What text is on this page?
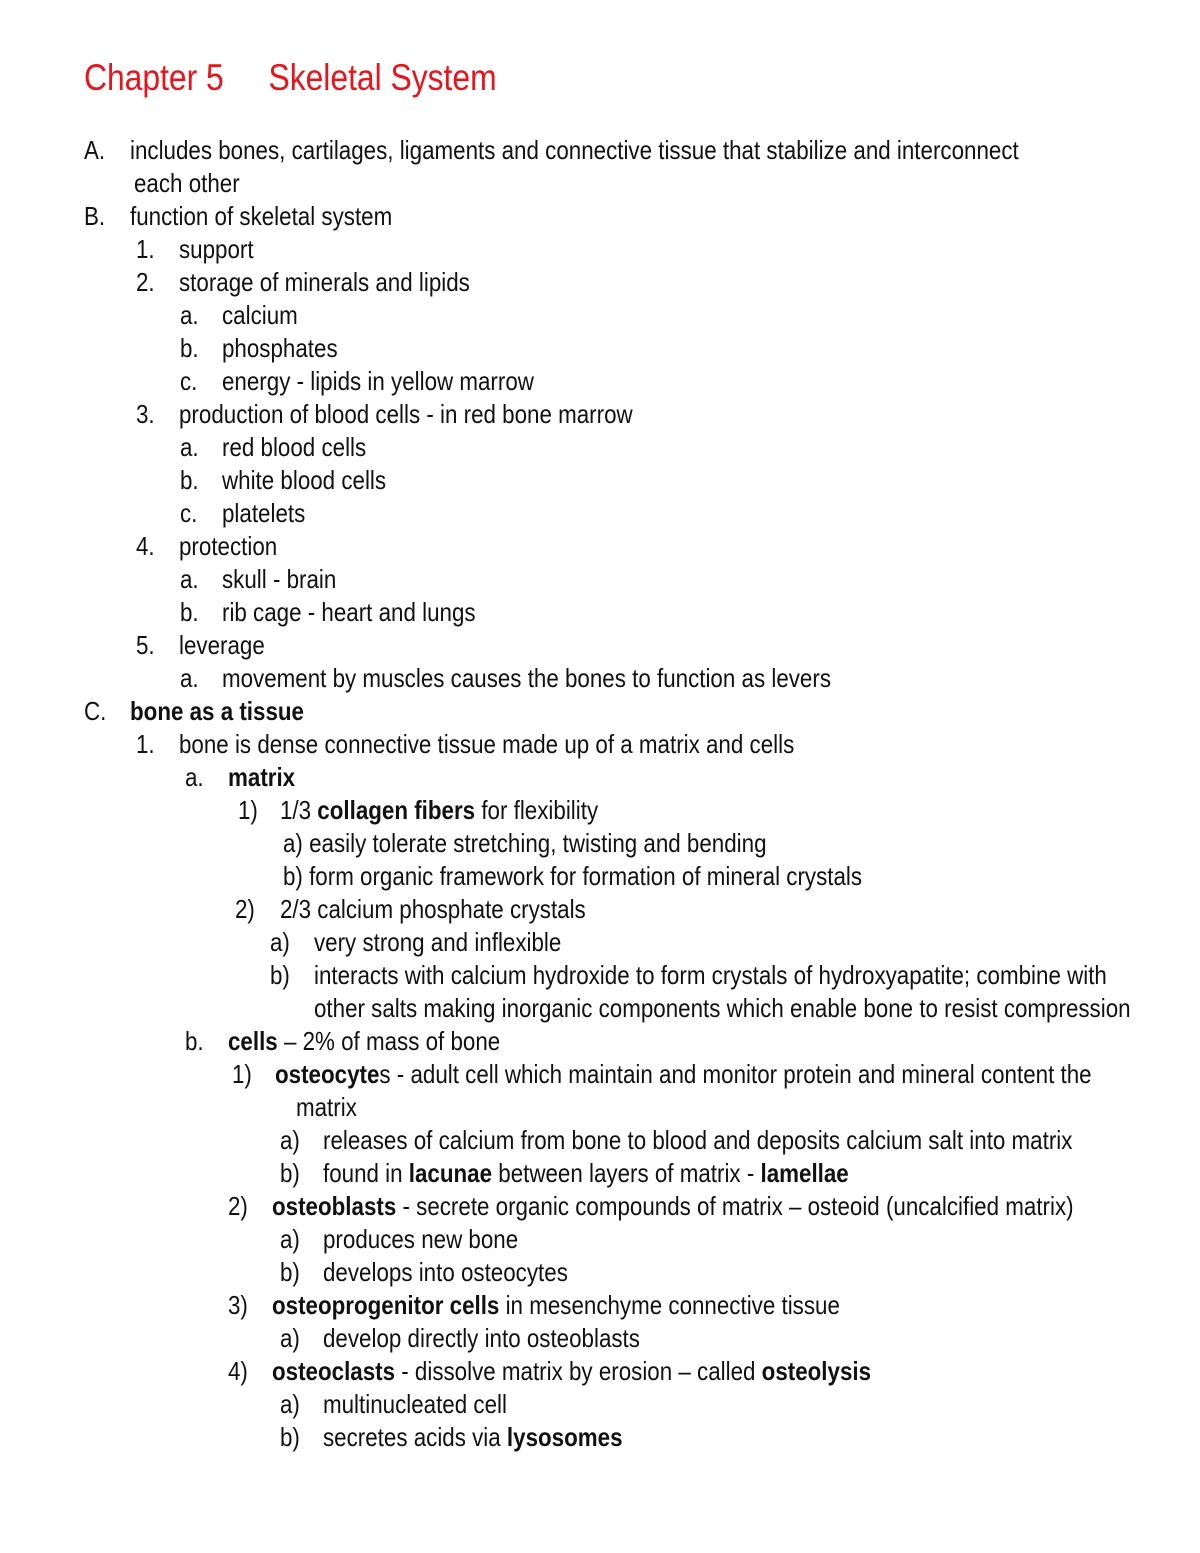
Chapter 5 Skeletal System
A. includes bones, cartilages, ligaments and connective tissue that stabilize and interconnect
each other
B. function of skeletal system
1. support
2. storage of minerals and lipids
a. calcium
b. phosphates
c. energy - lipids in yellow marrow
3. production of blood cells - in red bone marrow
a. red blood cells
b. white blood cells
c. platelets
4. protection
a. skull - brain
b. rib cage - heart and lungs
5. leverage
a. movement by muscles causes the bones to function as levers
C. bone as a tissue
1. bone is dense connective tissue made up of a matrix and cells
a. matrix
1) 1/3 collagen fibers for flexibility
a) easily tolerate stretching, twisting and bending
b) form organic framework for formation of mineral crystals
2) 2/3 calcium phosphate crystals
a) very strong and inflexible
b) interacts with calcium hydroxide to form crystals of hydroxyapatite; combine with
other salts making inorganic components which enable bone to resist compression
b. cells – 2% of mass of bone
1) osteocytes - adult cell which maintain and monitor protein and mineral content the
matrix
a) releases of calcium from bone to blood and deposits calcium salt into matrix
b) found in lacunae between layers of matrix - lamellae
2) osteoblasts - secrete organic compounds of matrix – osteoid (uncalcified matrix)
a) produces new bone
b) develops into osteocytes
3) osteoprogenitor cells in mesenchyme connective tissue
a) develop directly into osteoblasts
4) osteoclasts - dissolve matrix by erosion – called osteolysis
a) multinucleated cell
b) secretes acids via lysosomes
